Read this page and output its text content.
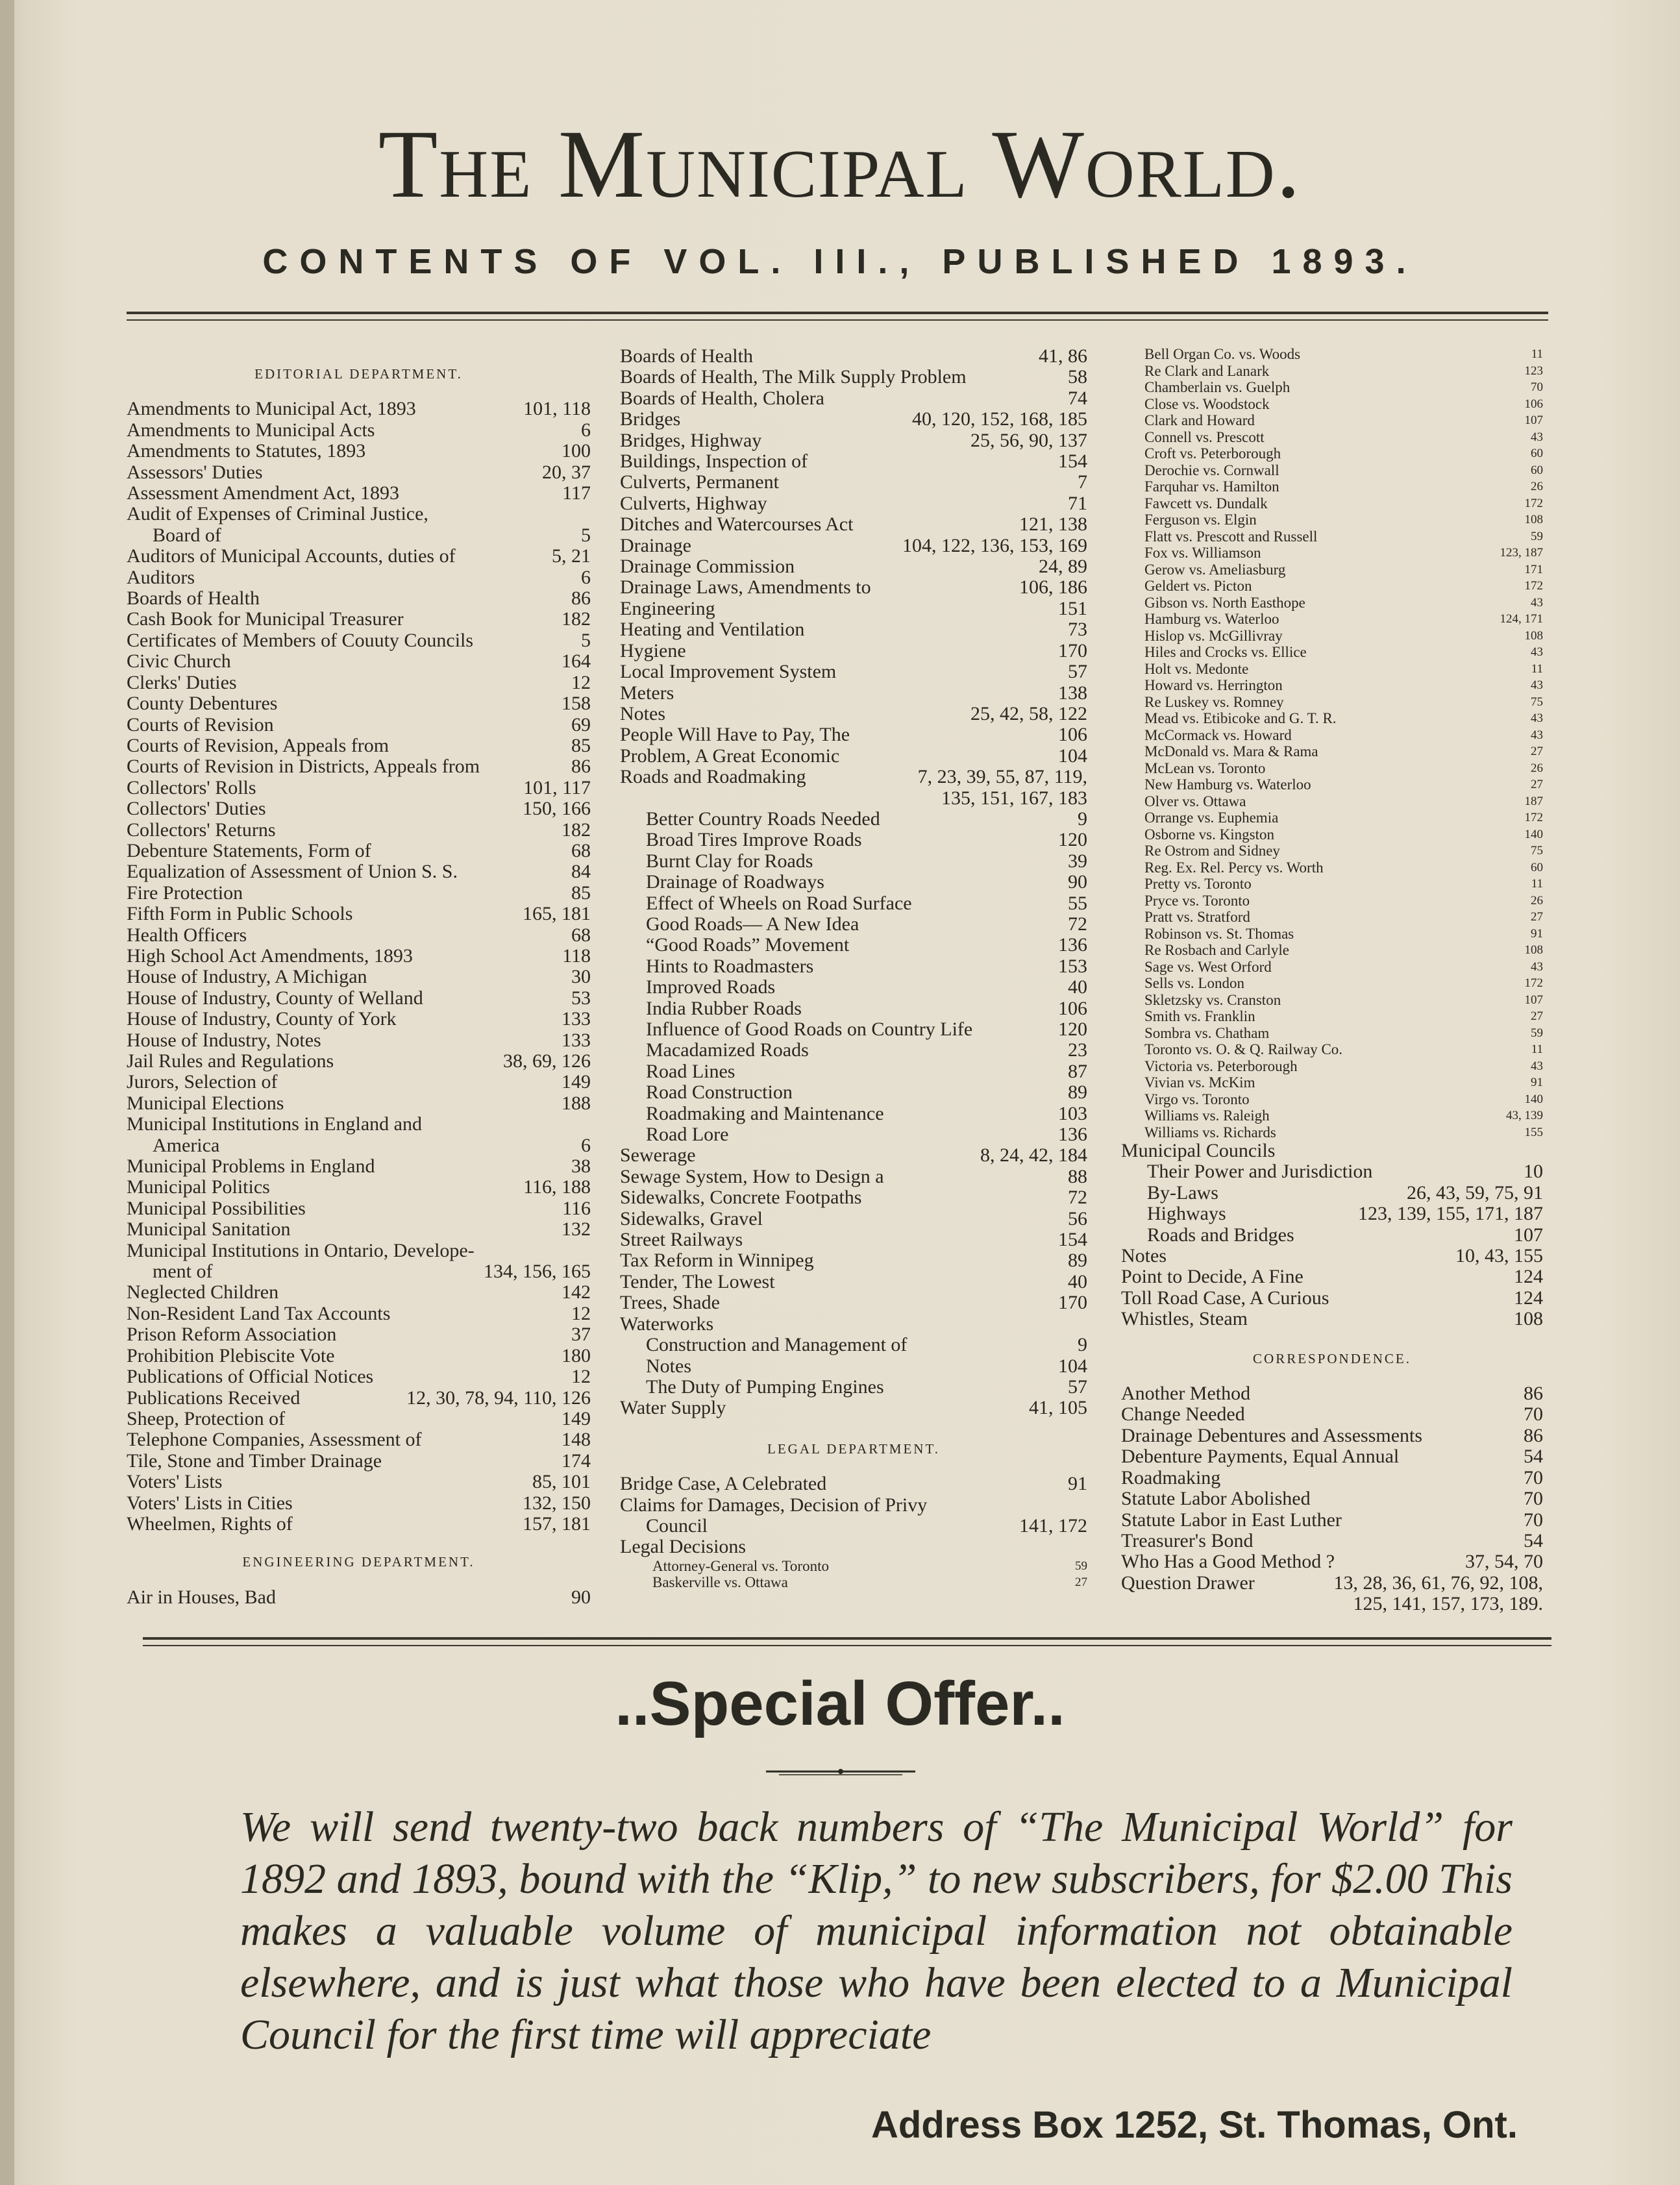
The Municipal World.
CONTENTS OF VOL. III., PUBLISHED 1893.
EDITORIAL DEPARTMENT.
Amendments to Municipal Act, 1893	101, 118
Amendments to Municipal Acts	6
Amendments to Statutes, 1893	100
Assessors' Duties	20, 37
Assessment Amendment Act, 1893	117
Audit of Expenses of Criminal Justice,
Board of	5
Auditors of Municipal Accounts, duties of	5, 21
Auditors	6
Boards of Health	86
Cash Book for Municipal Treasurer	182
Certificates of Members of Couuty Councils	5
Civic Church	164
Clerks' Duties	12
County Debentures	158
Courts of Revision	69
Courts of Revision, Appeals from	85
Courts of Revision in Districts, Appeals from	86
Collectors' Rolls	101, 117
Collectors' Duties	150, 166
Collectors' Returns	182
Debenture Statements, Form of	68
Equalization of Assessment of Union S. S.	84
Fire Protection	85
Fifth Form in Public Schools	165, 181
Health Officers	68
High School Act Amendments, 1893	118
House of Industry, A Michigan	30
House of Industry, County of Welland	53
House of Industry, County of York	133
House of Industry, Notes	133
Jail Rules and Regulations	38, 69, 126
Jurors, Selection of	149
Municipal Elections	188
Municipal Institutions in England and
America	6
Municipal Problems in England	38
Municipal Politics	116, 188
Municipal Possibilities	116
Municipal Sanitation	132
Municipal Institutions in Ontario, Develope-
ment of	134, 156, 165
Neglected Children	142
Non-Resident Land Tax Accounts	12
Prison Reform Association	37
Prohibition Plebiscite Vote	180
Publications of Official Notices	12
Publications Received	12, 30, 78, 94, 110, 126
Sheep, Protection of	149
Telephone Companies, Assessment of	148
Tile, Stone and Timber Drainage	174
Voters' Lists	85, 101
Voters' Lists in Cities	132, 150
Wheelmen, Rights of	157, 181
ENGINEERING DEPARTMENT.
Air in Houses, Bad	90
Boards of Health	41, 86
Boards of Health, The Milk Supply Problem	58
Boards of Health, Cholera	74
Bridges	40, 120, 152, 168, 185
Bridges, Highway	25, 56, 90, 137
Buildings, Inspection of	154
Culverts, Permanent	7
Culverts, Highway	71
Ditches and Watercourses Act	121, 138
Drainage	104, 122, 136, 153, 169
Drainage Commission	24, 89
Drainage Laws, Amendments to	106, 186
Engineering	151
Heating and Ventilation	73
Hygiene	170
Local Improvement System	57
Meters	138
Notes	25, 42, 58, 122
People Will Have to Pay, The	106
Problem, A Great Economic	104
Roads and Roadmaking	7, 23, 39, 55, 87, 119,
135, 151, 167, 183
Better Country Roads Needed	9
Broad Tires Improve Roads	120
Burnt Clay for Roads	39
Drainage of Roadways	90
Effect of Wheels on Road Surface	55
Good Roads— A New Idea	72
“Good Roads” Movement	136
Hints to Roadmasters	153
Improved Roads	40
India Rubber Roads	106
Influence of Good Roads on Country Life	120
Macadamized Roads	23
Road Lines	87
Road Construction	89
Roadmaking and Maintenance	103
Road Lore	136
Sewerage	8, 24, 42, 184
Sewage System, How to Design a	88
Sidewalks, Concrete Footpaths	72
Sidewalks, Gravel	56
Street Railways	154
Tax Reform in Winnipeg	89
Tender, The Lowest	40
Trees, Shade	170
Waterworks
Construction and Management of	9
Notes	104
The Duty of Pumping Engines	57
Water Supply	41, 105
LEGAL DEPARTMENT.
Bridge Case, A Celebrated	91
Claims for Damages, Decision of Privy
Council	141, 172
Legal Decisions
Attorney-General vs. Toronto	59
Baskerville vs. Ottawa	27
Bell Organ Co. vs. Woods	11
Re Clark and Lanark	123
Chamberlain vs. Guelph	70
Close vs. Woodstock	106
Clark and Howard	107
Connell vs. Prescott	43
Croft vs. Peterborough	60
Derochie vs. Cornwall	60
Farquhar vs. Hamilton	26
Fawcett vs. Dundalk	172
Ferguson vs. Elgin	108
Flatt vs. Prescott and Russell	59
Fox vs. Williamson	123, 187
Gerow vs. Ameliasburg	171
Geldert vs. Picton	172
Gibson vs. North Easthope	43
Hamburg vs. Waterloo	124, 171
Hislop vs. McGillivray	108
Hiles and Crocks vs. Ellice	43
Holt vs. Medonte	11
Howard vs. Herrington	43
Re Luskey vs. Romney	75
Mead vs. Etibicoke and G. T. R.	43
McCormack vs. Howard	43
McDonald vs. Mara & Rama	27
McLean vs. Toronto	26
New Hamburg vs. Waterloo	27
Olver vs. Ottawa	187
Orrange vs. Euphemia	172
Osborne vs. Kingston	140
Re Ostrom and Sidney	75
Reg. Ex. Rel. Percy vs. Worth	60
Pretty vs. Toronto	11
Pryce vs. Toronto	26
Pratt vs. Stratford	27
Robinson vs. St. Thomas	91
Re Rosbach and Carlyle	108
Sage vs. West Orford	43
Sells vs. London	172
Skletzsky vs. Cranston	107
Smith vs. Franklin	27
Sombra vs. Chatham	59
Toronto vs. O. & Q. Railway Co.	11
Victoria vs. Peterborough	43
Vivian vs. McKim	91
Virgo vs. Toronto	140
Williams vs. Raleigh	43, 139
Williams vs. Richards	155
Municipal Councils
Their Power and Jurisdiction	10
By-Laws	26, 43, 59, 75, 91
Highways	123, 139, 155, 171, 187
Roads and Bridges	107
Notes	10, 43, 155
Point to Decide, A Fine	124
Toll Road Case, A Curious	124
Whistles, Steam	108
CORRESPONDENCE.
Another Method	86
Change Needed	70
Drainage Debentures and Assessments	86
Debenture Payments, Equal Annual	54
Roadmaking	70
Statute Labor Abolished	70
Statute Labor in East Luther	70
Treasurer's Bond	54
Who Has a Good Method ?	37, 54, 70
Question Drawer	13, 28, 36, 61, 76, 92, 108,
125, 141, 157, 173, 189.
..Special Offer..
We will send twenty-two back numbers of “The Municipal World” for 1892 and 1893, bound with the “Klip,” to new subscribers, for $2.00 This makes a valuable volume of municipal information not obtainable elsewhere, and is just what those who have been elected to a Municipal Council for the first time will appreciate
Address Box 1252, St. Thomas, Ont.
